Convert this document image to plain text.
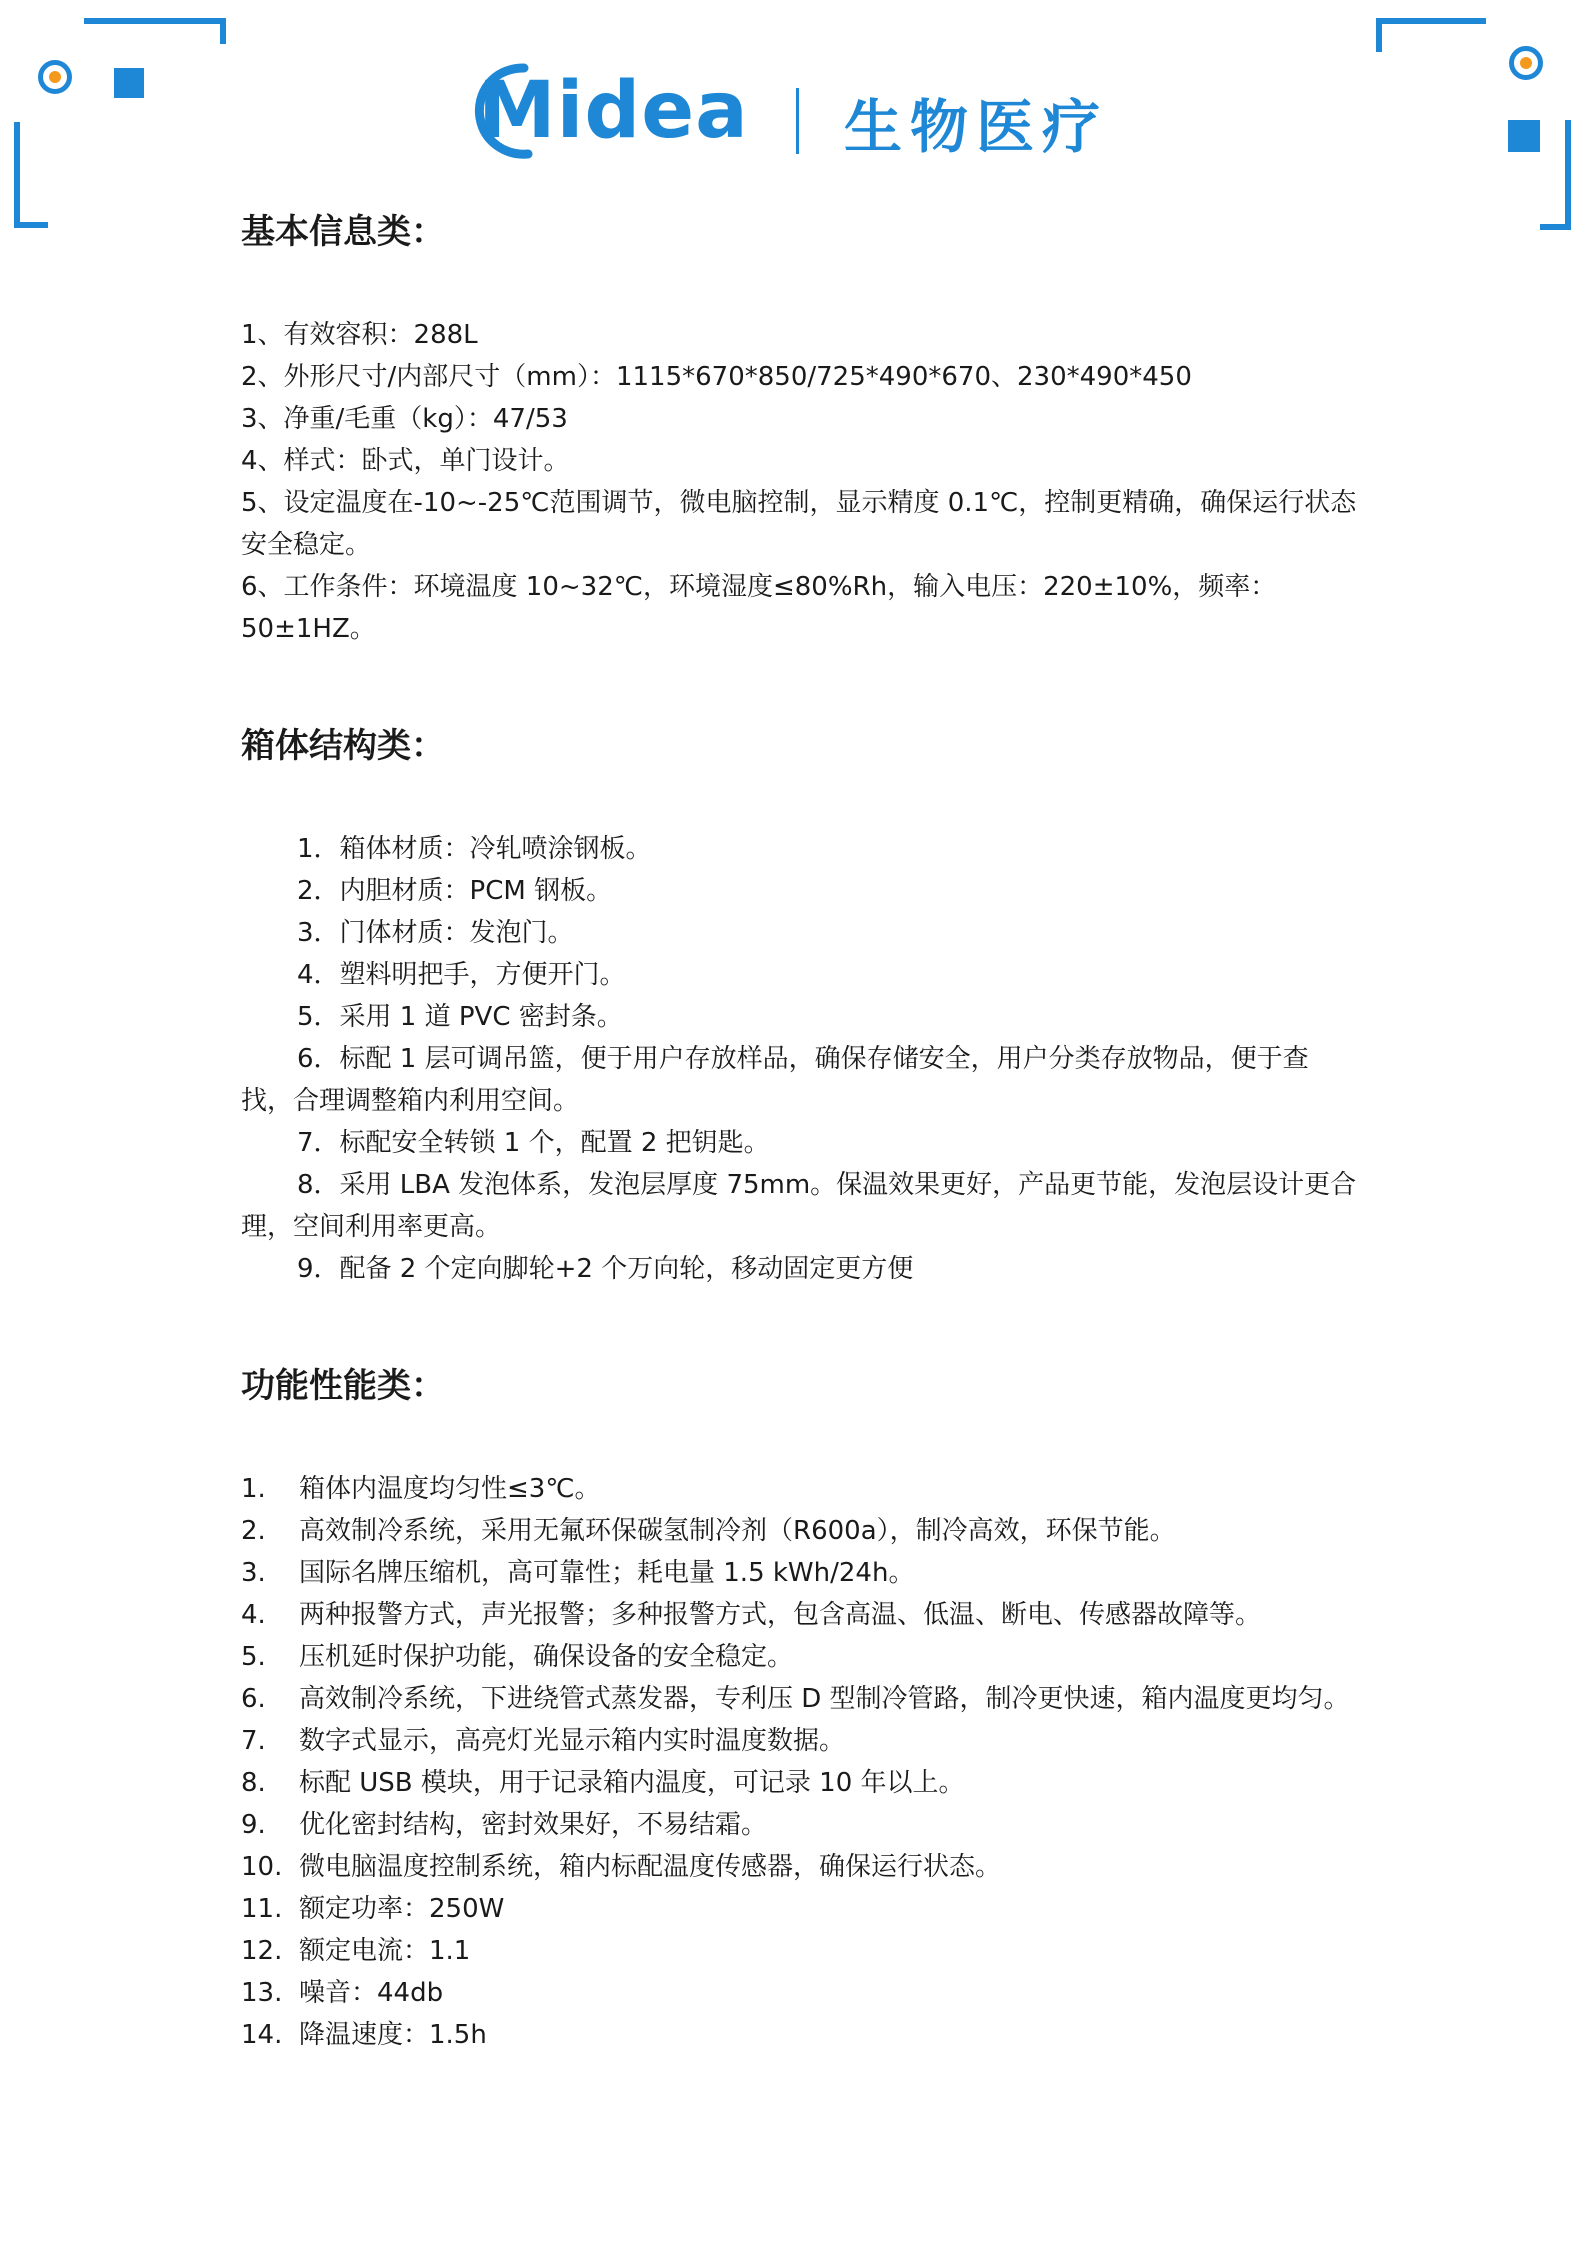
Midea 生物医疗
基本信息类：

1、有效容积：288L

2、外形尺寸/内部尺寸（mm）：1115*670*850/725*490*670、230*490*450

3、净重/毛重（kg）：47/53

4、样式：卧式，单门设计。

5、设定温度在-10~-25℃范围调节，微电脑控制，显示精度 0.1℃，控制更精确，确保运行状态安全稳定。

6、工作条件：环境温度 10~32℃，环境湿度≤80%Rh，输入电压：220±10%，频率：50±1HZ。

箱体结构类：

1．箱体材质：冷轧喷涂钢板。

2．内胆材质：PCM 钢板。

3．门体材质：发泡门。

4．塑料明把手，方便开门。

5．采用 1 道 PVC 密封条。

6．标配 1 层可调吊篮，便于用户存放样品，确保存储安全，用户分类存放物品，便于查找，合理调整箱内利用空间。

7．标配安全转锁 1 个，配置 2 把钥匙。

8．采用 LBA 发泡体系，发泡层厚度 75mm。保温效果更好，产品更节能，发泡层设计更合理，空间利用率更高。

9．配备 2 个定向脚轮+2 个万向轮，移动固定更方便

功能性能类：
1.	箱体内温度均匀性≤3℃。
2.	高效制冷系统，采用无氟环保碳氢制冷剂（R600a），制冷高效，环保节能。
3.	国际名牌压缩机，高可靠性；耗电量 1.5 kWh/24h。
4.	两种报警方式，声光报警；多种报警方式，包含高温、低温、断电、传感器故障等。
5.	压机延时保护功能，确保设备的安全稳定。
6.	高效制冷系统，下进绕管式蒸发器，专利压 D 型制冷管路，制冷更快速，箱内温度更均匀。
7.	数字式显示，高亮灯光显示箱内实时温度数据。
8.	标配 USB 模块，用于记录箱内温度，可记录 10 年以上。
9.	优化密封结构，密封效果好，不易结霜。
10. 微电脑温度控制系统，箱内标配温度传感器，确保运行状态。
11. 额定功率：250W
12. 额定电流：1.1
13. 噪音：44db
14. 降温速度：1.5h
